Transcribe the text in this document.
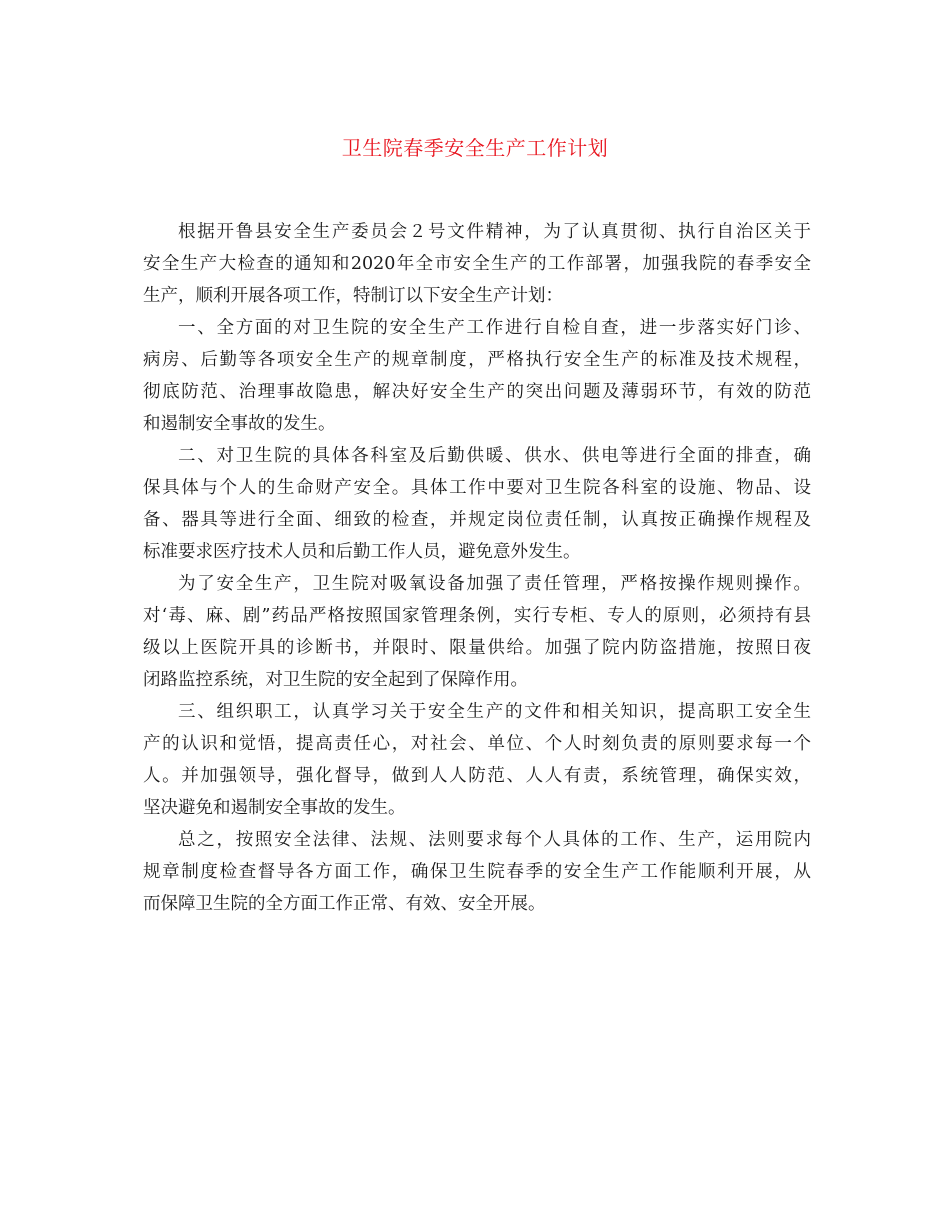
卫生院春季安全生产工作计划

根据开鲁县安全生产委员会２号文件精神，为了认真贯彻、执行自治区关于
安全生产大检查的通知和2020年全市安全生产的工作部署，加强我院的春季安全
生产，顺利开展各项工作，特制订以下安全生产计划：

一、全方面的对卫生院的安全生产工作进行自检自查，进一步落实好门诊、
病房、后勤等各项安全生产的规章制度，严格执行安全生产的标准及技术规程，
彻底防范、治理事故隐患，解决好安全生产的突出问题及薄弱环节，有效的防范
和遏制安全事故的发生。

二、对卫生院的具体各科室及后勤供暖、供水、供电等进行全面的排查，确
保具体与个人的生命财产安全。具体工作中要对卫生院各科室的设施、物品、设
备、器具等进行全面、细致的检查，并规定岗位责任制，认真按正确操作规程及
标准要求医疗技术人员和后勤工作人员，避免意外发生。

为了安全生产，卫生院对吸氧设备加强了责任管理，严格按操作规则操作。
对‘毒、麻、剧”药品严格按照国家管理条例，实行专柜、专人的原则，必须持有县
级以上医院开具的诊断书，并限时、限量供给。加强了院内防盗措施，按照日夜
闭路监控系统，对卫生院的安全起到了保障作用。

三、组织职工，认真学习关于安全生产的文件和相关知识，提高职工安全生
产的认识和觉悟，提高责任心，对社会、单位、个人时刻负责的原则要求每一个
人。并加强领导，强化督导，做到人人防范、人人有责，系统管理，确保实效，
坚决避免和遏制安全事故的发生。

总之，按照安全法律、法规、法则要求每个人具体的工作、生产，运用院内
规章制度检查督导各方面工作，确保卫生院春季的安全生产工作能顺利开展，从
而保障卫生院的全方面工作正常、有效、安全开展。
